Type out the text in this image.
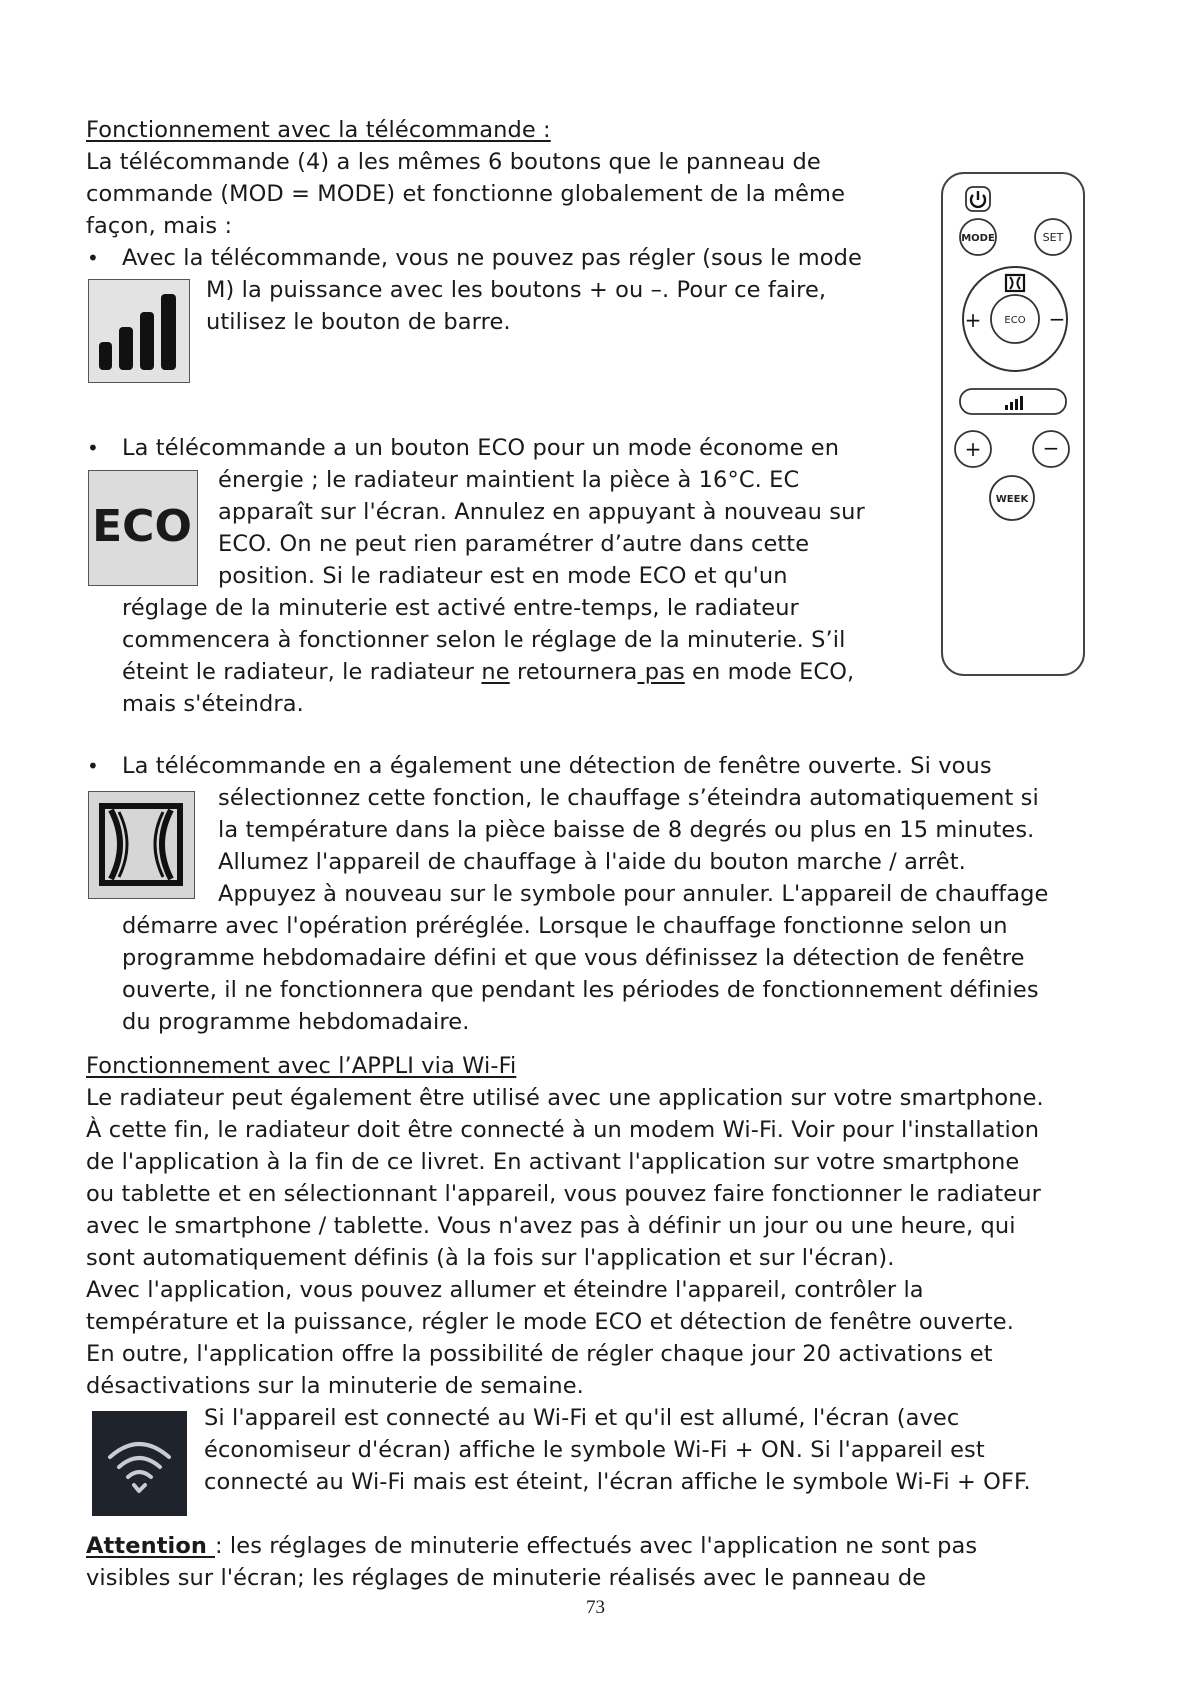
Fonctionnement avec la télécommande :
La télécommande (4) a les mêmes 6 boutons que le panneau de
commande (MOD = MODE) et fonctionne globalement de la même
façon, mais :
• Avec la télécommande, vous ne pouvez pas régler (sous le mode
M) la puissance avec les boutons + ou –. Pour ce faire,
utilisez le bouton de barre.
• La télécommande a un bouton ECO pour un mode économe en
énergie ; le radiateur maintient la pièce à 16°C. EC
apparaît sur l'écran. Annulez en appuyant à nouveau sur
ECO. On ne peut rien paramétrer d’autre dans cette
position. Si le radiateur est en mode ECO et qu'un
réglage de la minuterie est activé entre-temps, le radiateur
commencera à fonctionner selon le réglage de la minuterie. S’il
éteint le radiateur, le radiateur ne retournera pas en mode ECO,
mais s'éteindra.
ECO
• La télécommande en a également une détection de fenêtre ouverte. Si vous
sélectionnez cette fonction, le chauffage s’éteindra automatiquement si
la température dans la pièce baisse de 8 degrés ou plus en 15 minutes.
Allumez l'appareil de chauffage à l'aide du bouton marche / arrêt.
Appuyez à nouveau sur le symbole pour annuler. L'appareil de chauffage
démarre avec l'opération préréglée. Lorsque le chauffage fonctionne selon un
programme hebdomadaire défini et que vous définissez la détection de fenêtre
ouverte, il ne fonctionnera que pendant les périodes de fonctionnement définies
du programme hebdomadaire.
MODE	SET
ECO
+	−
+	−
WEEK
Fonctionnement avec l’APPLI via Wi-Fi
Le radiateur peut également être utilisé avec une application sur votre smartphone.
À cette fin, le radiateur doit être connecté à un modem Wi-Fi. Voir pour l'installation
de l'application à la fin de ce livret. En activant l'application sur votre smartphone
ou tablette et en sélectionnant l'appareil, vous pouvez faire fonctionner le radiateur
avec le smartphone / tablette. Vous n'avez pas à définir un jour ou une heure, qui
sont automatiquement définis (à la fois sur l'application et sur l'écran).
Avec l'application, vous pouvez allumer et éteindre l'appareil, contrôler la
température et la puissance, régler le mode ECO et détection de fenêtre ouverte.
En outre, l'application offre la possibilité de régler chaque jour 20 activations et
désactivations sur la minuterie de semaine.
Si l'appareil est connecté au Wi-Fi et qu'il est allumé, l'écran (avec
économiseur d'écran) affiche le symbole Wi-Fi + ON. Si l'appareil est
connecté au Wi-Fi mais est éteint, l'écran affiche le symbole Wi-Fi + OFF.
Attention : les réglages de minuterie effectués avec l'application ne sont pas
visibles sur l'écran; les réglages de minuterie réalisés avec le panneau de
73
